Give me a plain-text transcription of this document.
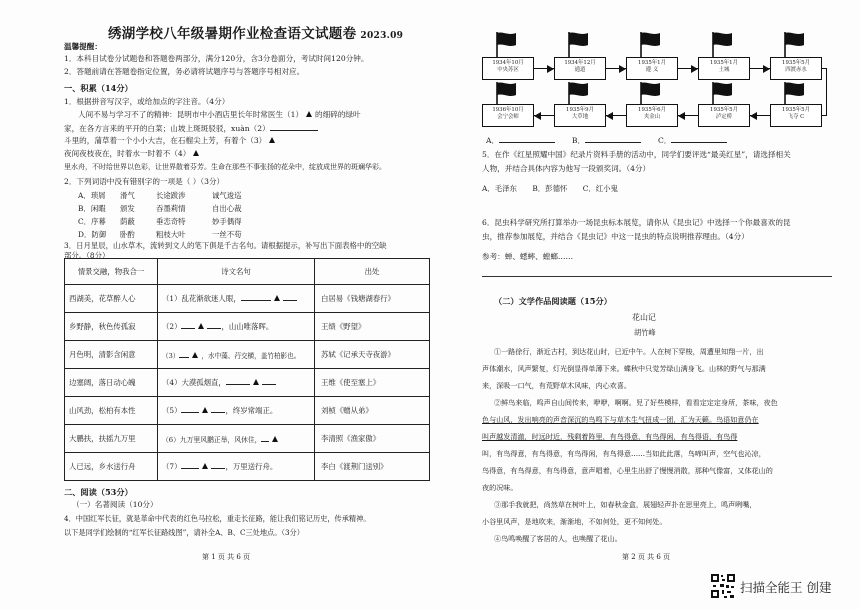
绣湖学校八年级暑期作业检查语文试题卷 2023.09
温馨提醒：
1．本科目试卷分试题卷和答题卷两部分，满分120分，含3分卷面分，考试时间120分钟。
2．答题前请在答题卷指定位置，务必请将试题序号与答题序号相对应。
一、积累（14分）
1．根据拼音写汉字，或给加点的字注音。（4分）
人间不易与学习不了的精神：昆明市中小酒店里长年时常医生（1） 的细碎的绿叶
家，在各方言来的平开的白菜；山坡上斑斑驳驳，xuàn（2）
斗里的，蒲草着一个小小大吉，在石榴尖上芳，有着个（3）
夜间夜枝夜在，时着水一时着不（4）
里水舟，不时给世界以色彩，让世界散着芬芳。生命在那些不事张扬的花朵中，绽放成世界的斑斓华彩。
2．下列词语中没有错别字的一项是（ ）（3分）
A．琐屑 滑气	长途跋涉	诚气逡巡
B．闲暇 颁发	吞墨莉情	自出心裁
C．序幕 荫蔽	垂恋奇特	妙手偶得
D．防御 卧酌	粗枝大叶	一丝不苟
3．日月星辰，山水草木，流转到文人的笔下俱是千古名句。请根据提示，补写出下面表格中的空缺
部分。（8分）
情景交融，物我合一	诗文名句	出处
西湖美，花草醉人心	（1）乱花渐欲迷人眼，	白居易《钱塘湖春行》
乡野静，秋色传孤寂	（2） ，山山唯落晖。	王绩《野望》
月色明，清影含闲意	（3） ，水中藻、荇交横，盖竹柏影也。	苏轼《记承天寺夜游》
边塞阔，落日动心魄	（4）大漠孤烟直，	王维《使至塞上》
山风劲，松柏有本性	（5） ，终岁常端正。	刘桢《赠从弟》
大鹏扶，扶摇九万里	（6）九万里风鹏正举，风休住，	李清照《渔家傲》
人已远，乡水送行舟	（7） ，万里送行舟。	李白《渡荆门送别》
二、阅读（53分）
（一）名著阅读（10分）
4．中国红军长征，就是革命中代表的红色马拉松，重走长征路，能让我们铭记历史，传承精神。
以下是同学们绘制的“红军长征路线图”，请补全A、B、C三处地点。（3分）
第 1 页 共 6 页
A．	B．	C．
5．在作《红星照耀中国》纪录片资料手册的活动中，同学们要评选“最美红星”，请选择相关
人物，并结合具体内容为他写一段颁奖词。（4分）
A．毛泽东 B．彭德怀 C．红小鬼
6．昆虫科学研究所打算举办一场昆虫标本展览，请你从《昆虫记》中选择一个你最喜欢的昆
虫，推荐参加展览，并结合《昆虫记》中这一昆虫的特点说明推荐理由。（4分）
参考：蝉、蟋蟀、螳螂……
（二）文学作品阅读题（15分）
花山记
胡竹峰
第 2 页 共 6 页
1934年10月
中央苏区
1934年12月
通道
1935年1月
遵 义
1935年1月
土城
1935年5月
四渡赤水
1936年10月
会宁会师
1935年9月
大草地
1935年6月
夹金山
1935年5月
泸定桥
1935年5月
飞夺 C
①一路徐行，渐近古村，到达花山时，已近中午。人在树下穿梭，周遭里知翔一片，出
声体潮水，风声繁复，灯光倒显得单薄下来。蝶秋中只觉芳绿山满身飞。山林的野气与那满
来，深吸一口气，有荒野草木风味，内心欢喜。
②鲜鸟来临，鸣声自山间传来，咿咿，啊啊。児了好些模样，看看定定定身所，茶味，夜色
色与山风，发出响亮的声音深沉的鸟鸣下与草木生气扭成一团，汇为天籁。鸟语如意仍在
叫声越发清澈，时远时近，残剩着阵里，有鸟得意，有鸟得闲，有鸟得语，有鸟得
叫，有鸟得意，有鸟得意，有鸟得闲，有鸟得意……当如此此落，鸟啼叫声，空气也沁凉，
鸟得意，有鸟得意，有鸟得意，意声唱着，心里生出舒了慢慢消散，那种气像富，又体花山的
夜的况味。
③那手我就把，尚然草在树叶上，如春秋金盒，展翅轻声扑在思里亮上，鸣声咧嘴，
小谷里风声，是地吹来，渐渐地，不如何处，更不知何处。
④鸟鸣唤醒了客居的人，也唤醒了花山。
扫描全能王 创建
